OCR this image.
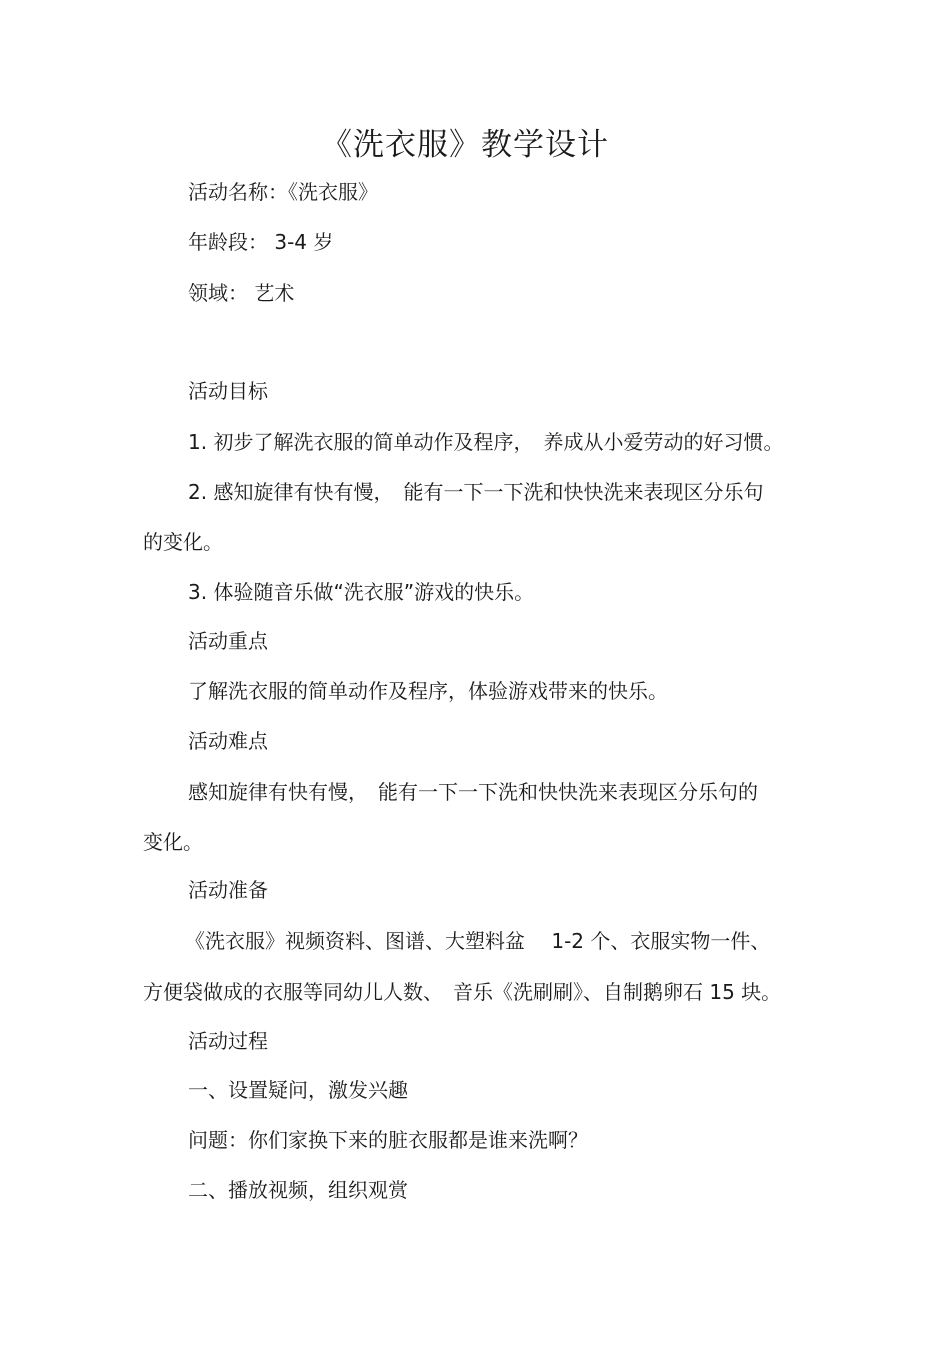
《洗衣服》教学设计

活动名称：《洗衣服》

年龄段： 3-4 岁

领域： 艺术

活动目标

1. 初步了解洗衣服的简单动作及程序，　养成从小爱劳动的好习惯。

2. 感知旋律有快有慢，　能有一下一下洗和快快洗来表现区分乐句

的变化。

3. 体验随音乐做“洗衣服”游戏的快乐。

活动重点

了解洗衣服的简单动作及程序，体验游戏带来的快乐。

活动难点

感知旋律有快有慢，　能有一下一下洗和快快洗来表现区分乐句的

变化。

活动准备

《洗衣服》视频资料、图谱、大塑料盆　 1-2 个、衣服实物一件、

方便袋做成的衣服等同幼儿人数、　音乐《洗刷刷》、自制鹅卵石 15 块。

活动过程

一、设置疑问，激发兴趣

问题：你们家换下来的脏衣服都是谁来洗啊？

二、播放视频，组织观赏
